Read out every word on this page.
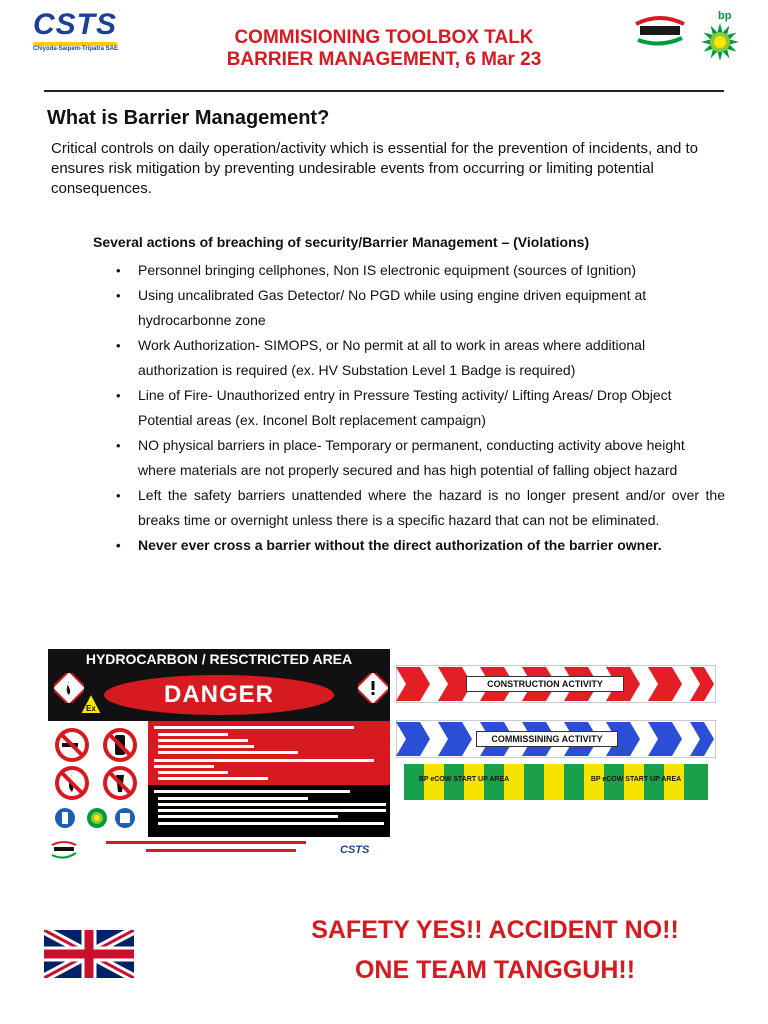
CSTS
Chiyoda-Saipem-Tripatra SAE
COMMISIONING TOOLBOX TALK
BARRIER MANAGEMENT, 6 Mar 23
bp
What is Barrier Management?
Critical controls on daily operation/activity which is essential for the prevention of incidents, and to ensures risk mitigation by preventing undesirable events from occurring or limiting potential consequences.
Several actions of breaching of security/Barrier Management – (Violations)
• Personnel bringing cellphones, Non IS electronic equipment (sources of Ignition)
• Using uncalibrated Gas Detector/ No PGD while using engine driven equipment at hydrocarbonne zone
• Work Authorization- SIMOPS, or No permit at all to work in areas where additional authorization is required (ex. HV Substation Level 1 Badge is required)
• Line of Fire- Unauthorized entry in Pressure Testing activity/ Lifting Areas/ Drop Object Potential areas (ex. Inconel Bolt replacement campaign)
• NO physical barriers in place- Temporary or permanent, conducting activity above height where materials are not properly secured and has high potential of falling object hazard
• Left the safety barriers unattended where the hazard is no longer present and/or over the breaks time or overnight unless there is a specific hazard that can not be eliminated.
• Never ever cross a barrier without the direct authorization of the barrier owner.
HYDROCARBON / RESCTRICTED AREA
Ex
DANGER
CSTS
CONSTRUCTION ACTIVITY
COMMISSINING ACTIVITY
BP eCOW START UP AREA	BP eCOW START UP AREA
SAFETY YES!! ACCIDENT NO!!
ONE TEAM TANGGUH!!
